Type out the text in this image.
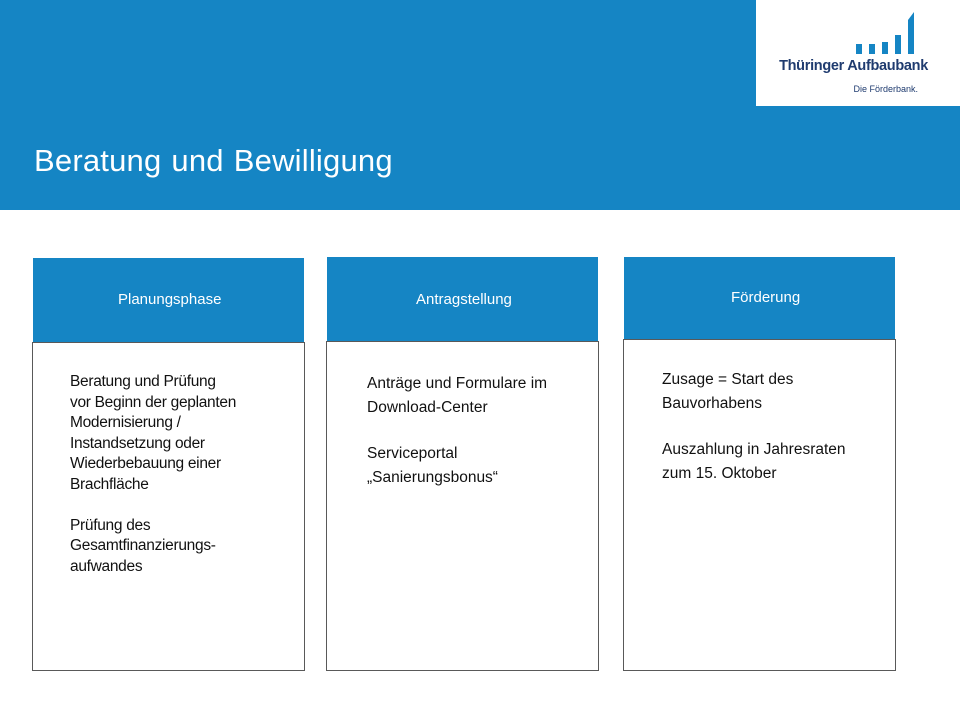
Beratung und Bewilligung
Thüringer Aufbaubank
Die Förderbank.
Planungsphase

Beratung und Prüfung
vor Beginn der geplanten
Modernisierung /
Instandsetzung oder
Wiederbebauung einer
Brachfläche

Prüfung des
Gesamtfinanzierungs-
aufwandes

Antragstellung

Anträge und Formulare im
Download-Center

Serviceportal
„Sanierungsbonus“

Förderung

Zusage = Start des
Bauvorhabens

Auszahlung in Jahresraten
zum 15. Oktober
